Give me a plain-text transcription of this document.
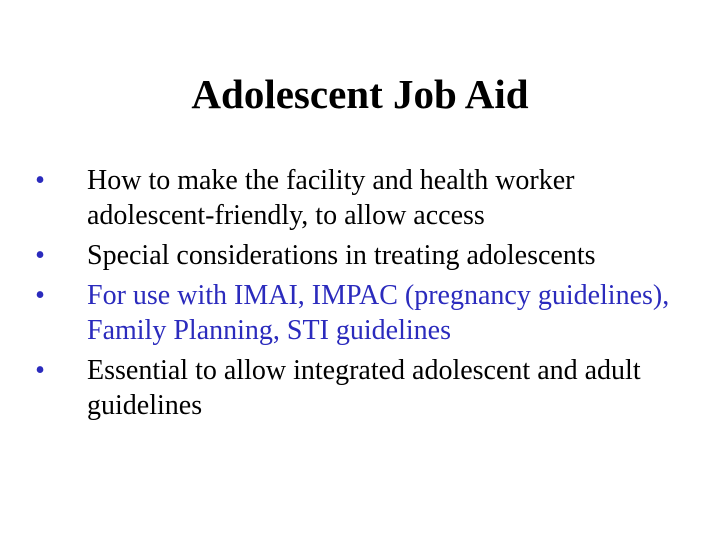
Adolescent Job Aid
• How to make the facility and health worker adolescent-friendly, to allow access
• Special considerations in treating adolescents
• For use with IMAI, IMPAC (pregnancy guidelines), Family Planning, STI guidelines
• Essential to allow integrated adolescent and adult guidelines
